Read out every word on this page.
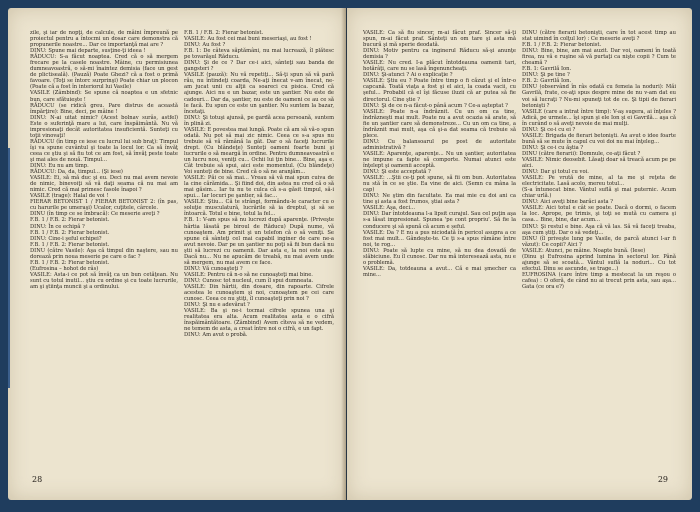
zile, şi iar de nopţi, de calcule, de mâini împreună pe proiectul pentru a întocmi un dosar care demonstra că propunerile noastre... Dar ce importanţă mai are ?

DINU: Spune mai departe, susţine-ţi ideea !

RĂDUCU: S-a făcut noaptea. Cred că o să mergem frecare pe la casele noastre. Mâine, cu permisiunea dumneavoastră, o să-mi înaintez demisia (face un gest de plictiseală). (Pauză) Poate Ghezi? că a fost o primă favoare. (Toţi se întorc surprinşi) Poate chiar un plocon (Poate că a fost în interiorul lui Vasile)

VASILE (Zâmbind): Se spune că noaptea e un sfetnic bun, care sfătuieşte !

RĂDUCU (se ridică greu. Pare distrus de această împărţire): Bine, deci, pe mâine !

DINU: N-ai uitat nimic? (Acest bolnav surâs, astfel) Este o suferinţă mare a lui, care înspăimântă. Nu vă impresionaţi decât autoritatea insuficientă. Sunteţi cu toţii vinovaţi!

RĂDUCU (în timp ce iese cu lucrul lui sub braţ): Timpul îşi va spune cuvântul şi toate la locul lor. Ca să învăţ ceea ce ştiu şi să fiu tot ce am fost, să învăţ peste toate şi mai ales de nouă. Timpul...

DINU: Eu nu am timp.

RĂDUCU: Da, da, timpul... (Şi iese)

VASILE: Ei, să mă duc şi eu. Deci nu mai avem nevoie de nimic, binevoiţi să vă daţi seama că nu mai am nimic. Cred că mai primesc fasole înapoi ?

VASILE (trage): Halal de voi !

FIERAR BETONIST 1 / FIERAR BETONIST 2: (în pas, cu harurile pe umeraşi) Ucalor, cuţitele, cârcele.

DINU (în timp ce se îmbracă): Ce meserie aveţi ?

F.B. 1 / F.B. 2: Fierar betonist.

DINU: În ce echipă ?

F.B. 1 / F.B. 2: Fierar betonist.

DINU: Cine-i şeful echipei?

F.B. 1 / F.B. 2: Fierar betonist.

DINU (către Vasile): Aşa că timpul din naştere, sau nu dorează prin noua meserie pe care o fac ?

F.B. 1 / F.B. 2: Fierar betonist.

(Eufrosina – hohot de râs)

VASILE: Asta-i ce pot să învăţ ca un bun cetăţean. Nu sunt cu totul inutil... ştiu cu ordine şi cu toate lucrurile, am şi ştiinţa muncii şi a ordinului.

F.B. 1 / F.B. 2: Fierar betonist.

VASILE: Au fost cei mai buni meseriaşi, au fost !

DINU: Au fost ?

F.B. 1: De câteva săptămâni, nu mai lucrează, îl plătesc pe tovarăşul Răducu.

DINU: Şi de ce ? Dar ce-i aici, sânteţi sau banda de gangsteri ?

VASILE (pauză): Nu vă repetiţi... Să-ţi spun să vă pară rău, nu întindeţi coarda, Ne-aţi înecat v-am înecat, ne-am jucat unii cu alţii ca soareci cu pisica. Cred că ajunge. Aici nu e un bazar, este un şantier. Nu este de cadouri... Dar da, şantier, nu este de oameni ce au ce să le facă. Eu spun ce este un şantier. Nu suntem la bazar, încetaţi.

DINU: Şi totuşi ajunsă, pe gardă acea persoană, suntem în plină zi.

VASILE: E povestea mai lungă. Poate că am să vă-o spun odată. Nu pot să mai zic nimic. Ceea ce s-a spus nu trebuie să vă rămână la gât. Dar o să faceţi lucrurile drept. (Cu blândeţe) Sunteţi oameni foarte buni şi lucrurile o să meargă în ordine. Pentru dumneavoastră e un lucru nou, veniţi cu... Ochii lui ţin bine... Bine, aşa e. Cât trebuie să spui, aici este momentul. (Cu blândeţe) Voi sunteţi de bine. Cred că o să ne aranjăm...

VASILE: Păi ce să mai... Vreau să vă mai spun cuiva de la cine cărămida... Şi fiind doi, din astea nu cred că o să mai găsim... Iar tu nu te culca că s-a găsit timpul, să-i spui... Iar locuri pe şantier, să fac...

VASILE: Ştiu... Că te strângi, formându-le caracter cu o soluţie musculatură, lucrările să ia dreptul, şi să se întoarcă. Totul e bine, totul la fel...

F.B. 1: V-am spus să nu lucrezi după aparenţe. (Priveşte hârtia lăsată pe biroul de Răducu) După nume, vă cunoaştem. Am primit şi un telefon că o să veniţi. Se spune că sânteţi cel mai capabil inginer de care ne-a avut nevoie. Dar pe un şantier nu poţi să fii bun dacă nu ştii să lucrezi cu oamenii. Dar asta e, la noi este aşa. Dacă nu... Nu ne apucăm de treabă, nu mai avem unde să mergem, nu mai avem ce face.

DINU: Vă cunoaşteţi ?

VASILE: Pentru că n-o să ne cunoaşteţi mai bine.

DINU: Cunosc tot nucleul, cum îl spui dumneata.

VASILE: Din hârtii, din dosare, din rapoarte. Cifrele acestea le cunoaştem şi noi, cunoaştem pe cei care cunosc. Ceea ce nu ştiţi, îl cunoaşteţi prin noi ?

DINU: Şi nu e adevărat ?

VASILE: Ba şi ne-i tocmai cifrele spunea una şi realitatea era alta. Acum realitatea asta e o cifră înspăimântătoare. (Zâmbind) Avem cîteva să ne vedem, ne temem de asta, a creat între noi o cifră, e un fapt.

DINU: Am avut o probă.

28

VASILE: Ca să fiu sincer, m-ai făcut praf. Sincer să-ţi spun, m-ai făcut praf. Sânteţi un om tare şi asta mă bucură şi mă sperie deodată.

DINU: Motiv pentru ca inginerul Răducu să-şi anunţe demisia ?

VASILE: Nu cred. I-a plăcut întotdeauna oamenii tari, hotărâţi, care nu se lasă îngenuncheaţi.

DINU: Şi-atunci ? Ai o explicaţie ?

VASILE: Ştiu eu ? Poate între timp o fi căzut şi el într-o capcană. Toată viaţa a fost şi el aici, la coada vacii, cu şeful... Probabil că el îşi făcuse iluzii că ar putea să fie directorul. Cine ştie ?

DINU: Şi de ce n-a făcut-o până acum ? Ce-a aşteptat ?

VASILE: Poate n-a îndrăznit. Cu un om ca tine, îndrăzneşti mai mult. Poate nu a avut ocazia să arate, să fie un şantier care să demonstreze... Cu un om ca tine, a îndrăznit mai mult, aşa că şi-a dat seama că trebuie să plece.

DINU: Cu balansoarul pe post de autoritate administrativă ?

VASILE: Aparenţe, aparenţe... Nu un şantier, autoritatea ne impune ca fapte să comporte. Numai atunci este înţelept şi oamenii acceptă.

DINU: Şi este acceptată ?

VASILE: ...Ştii ce-ţi pot spune, să fii om bun. Autoritatea nu stă în ce se ştie. Ea vine de aici. (Semn cu mâna la cap)

DINU: Ne ştim din facultate. Ea mai mie cu doi ani ca tine şi asta a fost frumos, ştiai asta ?

VASILE: Aşa, deci...

DINU: Dar întotdeauna l-a lipsit curajul. Sau cel puţin aşa s-a lăsat impresionat. Spunea 'pe cont propriu'. Să fie la conducere şi să spună că acum e șeful.

VASILE: Da ? E nu a pus niciodată în pericol asupra a ce fost mai mult... Gândeşte-te. Ce ţi s-a spus rămâne între noi, te rog...

DINU: Poate să lupte cu mine, să nu dea dovadă de slăbiciune. Eu îl cunosc. Dar nu mă interesează asta, nu e o problemă.

VASILE: Da, totdeauna a avut... Că e mai şmecher ca mine...

DINU (către fierarii betonişti, care în tot acest timp au stat uimind în colţul lor) : Ce meserie aveţi ?

F.B. 1 / F.B. 2: Fierar betonist.

DINU: Bine, bine, am mai auzit. Dar voi, oameni în toată firea, nu vă e ruşine să vă purtaţi ca nişte copii ? Cum te cheamă ?

F.B. 1: Gavrilă Ion.

DINU: Şi pe tine ?

F.B. 2: Gavrilă Ion.

DINU (observând în râs odată cu femeia la noduri): Măi Gavrilă, frate, ce-aţi spus despre mine de nu v-am dat eu voi să lucraţi ? Nu-mi spuneţi tot de ce. Şi tipii de fierari betonişti ?

VASILE (care a intrat între timp): V-aş sugera, ai înţeles ? Adică, pe urmele... îşi spun şi ele Ion şi ei Gavrilă... aşa că în curând o să aveţi nevoie de mai mulţi.

DINU: Şi ce-i cu ei ?

VASILE: Brigada de fierari betonişti. Au avut o idee foarte bună să se mute în capul cu voi doi nu mai înţeleg...

DINU: Şi ce-i cu ăştia ?

DINU (către fierarii): Domnule, ce-aţi făcut ?

VASILE: Nimic deosebit. Lăsaţi doar să treacă acum pe pe aici.

DINU: Dar şi totul cu voi.

VASILE: Pe vrută de mine, al ta me şi reţeta de electricitate. Lasă acolo, mereu totul...

(S-a întunecat bine. Vântul suflă şi mai puternic. Acum chiar urlă.)

DINU: Aici aveţi bine barăci asta ?

VASILE: Aici totul e cât se poate. Dacă o dormi, o facem la loc. Aprope, pe trimis, şi toţi se mută cu camera şi casa... Bine, bine, dar acum...

DINU: Şi restul e bine. Aşa că vă las. Să vă faceţi treaba, aşa cum ştiţi. Dar o să vedeţi...

DINU (îl priveşte lung pe Vasile, de parcă atunci l-ar fi văzut): Ce copii? Aici ?

VASILE: Atunci, pe mâine. Noapte bună. (Iese)

(Dinu şi Eufrosina aprind lumina în sectorul lor. Până ajunge să se scoată... Vântul suflă la noduri... Cu tot efectul. Dinu se ascunde, se trage...)

EUFROSINA (care între timp a mestecat la un reşou o cafea) : O oferă, de când nu ai trecut prin asta, sau aşa... Gata (ce ora e?)

29
